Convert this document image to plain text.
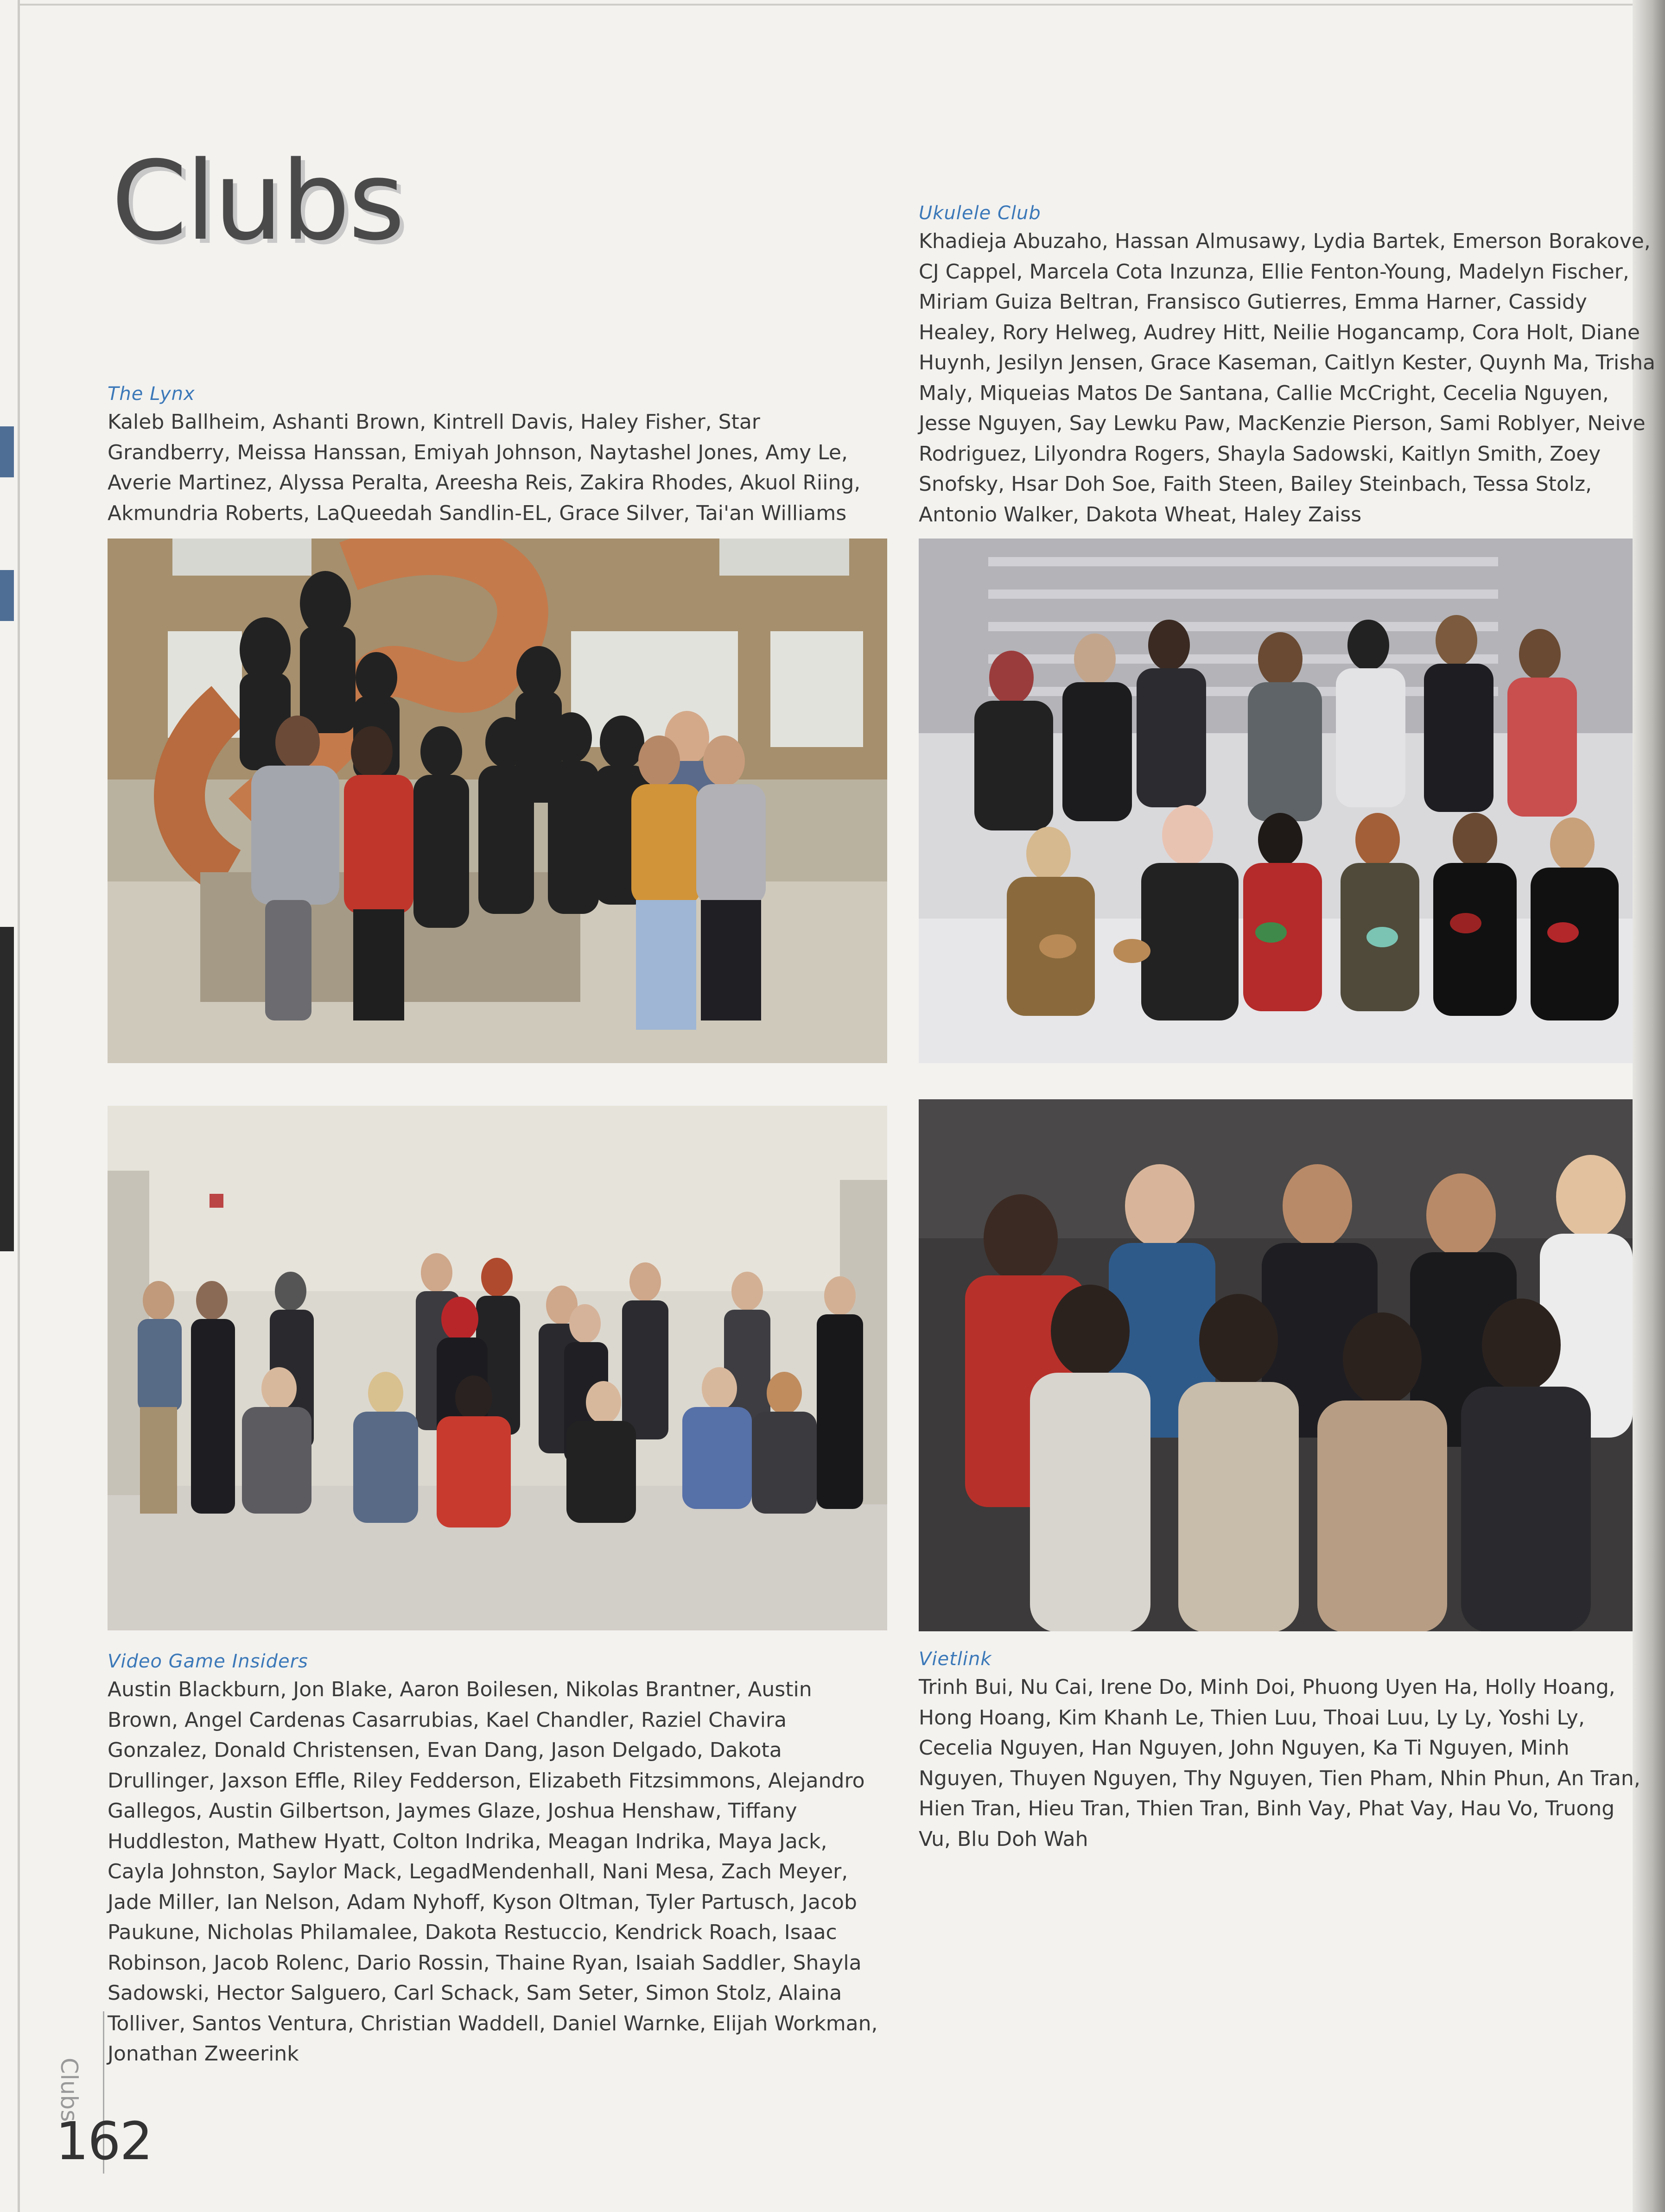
Clubs
The Lynx

Kaleb Ballheim, Ashanti Brown, Kintrell Davis, Haley Fisher, Star Grandberry, Meissa Hanssan, Emiyah Johnson, Naytashel Jones, Amy Le, Averie Martinez, Alyssa Peralta, Areesha Reis, Zakira Rhodes, Akuol Riing, Akmundria Roberts, LaQueedah Sandlin-EL, Grace Silver, Tai'an Williams

Ukulele Club

Khadieja Abuzaho, Hassan Almusawy, Lydia Bartek, Emerson Borakove, CJ Cappel, Marcela Cota Inzunza, Ellie Fenton-Young, Madelyn Fischer, Miriam Guiza Beltran, Fransisco Gutierres, Emma Harner, Cassidy Healey, Rory Helweg, Audrey Hitt, Neilie Hogancamp, Cora Holt, Diane Huynh, Jesilyn Jensen, Grace Kaseman, Caitlyn Kester, Quynh Ma, Trisha Maly, Miqueias Matos De Santana, Callie McCright, Cecelia Nguyen, Jesse Nguyen, Say Lewku Paw, MacKenzie Pierson, Sami Roblyer, Neive Rodriguez, Lilyondra Rogers, Shayla Sadowski, Kaitlyn Smith, Zoey Snofsky, Hsar Doh Soe, Faith Steen, Bailey Steinbach, Tessa Stolz, Antonio Walker, Dakota Wheat, Haley Zaiss

Video Game Insiders

Austin Blackburn, Jon Blake, Aaron Boilesen, Nikolas Brantner, Austin Brown, Angel Cardenas Casarrubias, Kael Chandler, Raziel Chavira Gonzalez, Donald Christensen, Evan Dang, Jason Delgado, Dakota Drullinger, Jaxson Effle, Riley Fedderson, Elizabeth Fitzsimmons, Alejandro Gallegos, Austin Gilbertson, Jaymes Glaze, Joshua Henshaw, Tiffany Huddleston, Mathew Hyatt, Colton Indrika, Meagan Indrika, Maya Jack, Cayla Johnston, Saylor Mack, LegadMendenhall, Nani Mesa, Zach Meyer, Jade Miller, Ian Nelson, Adam Nyhoff, Kyson Oltman, Tyler Partusch, Jacob Paukune, Nicholas Philamalee, Dakota Restuccio, Kendrick Roach, Isaac Robinson, Jacob Rolenc, Dario Rossin, Thaine Ryan, Isaiah Saddler, Shayla Sadowski, Hector Salguero, Carl Schack, Sam Seter, Simon Stolz, Alaina Tolliver, Santos Ventura, Christian Waddell, Daniel Warnke, Elijah Workman, Jonathan Zweerink

Vietlink

Trinh Bui, Nu Cai, Irene Do, Minh Doi, Phuong Uyen Ha, Holly Hoang, Hong Hoang, Kim Khanh Le, Thien Luu, Thoai Luu, Ly Ly, Yoshi Ly, Cecelia Nguyen, Han Nguyen, John Nguyen, Ka Ti Nguyen, Minh Nguyen, Thuyen Nguyen, Thy Nguyen, Tien Pham, Nhin Phun, An Tran, Hien Tran, Hieu Tran, Thien Tran, Binh Vay, Phat Vay, Hau Vo, Truong Vu, Blu Doh Wah

Clubs
162
